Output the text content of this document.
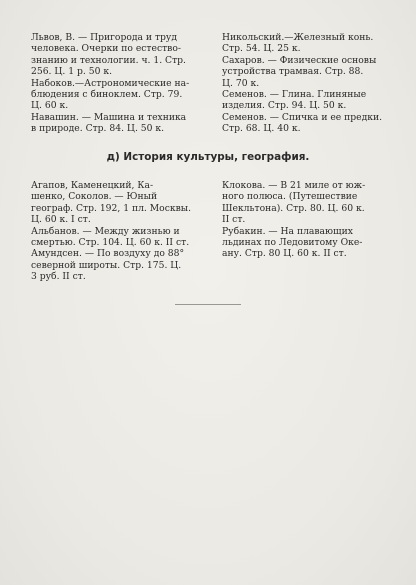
Львов, В. — Пригорода и труд

человека. Очерки по естество-

знанию и технологии. ч. 1. Стр.

256. Ц. 1 р. 50 к.

Набоков.—Астрономические на-

блюдения с биноклем. Стр. 79.

Ц. 60 к.

Навашин. — Машина и техника

в природе. Стр. 84. Ц. 50 к.

Никольский.—Железный конь.

Стр. 54. Ц. 25 к.

Сахаров. — Физические основы

устройства трамвая. Стр. 88.

Ц. 70 к.

Семенов. — Глина. Глиняные

изделия. Стр. 94. Ц. 50 к.

Семенов. — Спичка и ее предки.

Стр. 68. Ц. 40 к.

д) История культуры, география.

Агапов, Каменецкий, Ка-

шенко, Соколов. — Юный

географ. Стр. 192, 1 пл. Москвы.

Ц. 60 к. I ст.

Альбанов. — Между жизнью и

смертью. Стр. 104. Ц. 60 к. II ст.

Амундсен. — По воздуху до 88°

северной широты. Стр. 175. Ц.

3 руб. II ст.

Клокова. — В 21 миле от юж-

ного полюса. (Путешествие

Шекльтона). Стр. 80. Ц. 60 к.

II ст.

Рубакин. — На плавающих

льдинах по Ледовитому Оке-

ану. Стр. 80 Ц. 60 к. II ст.
